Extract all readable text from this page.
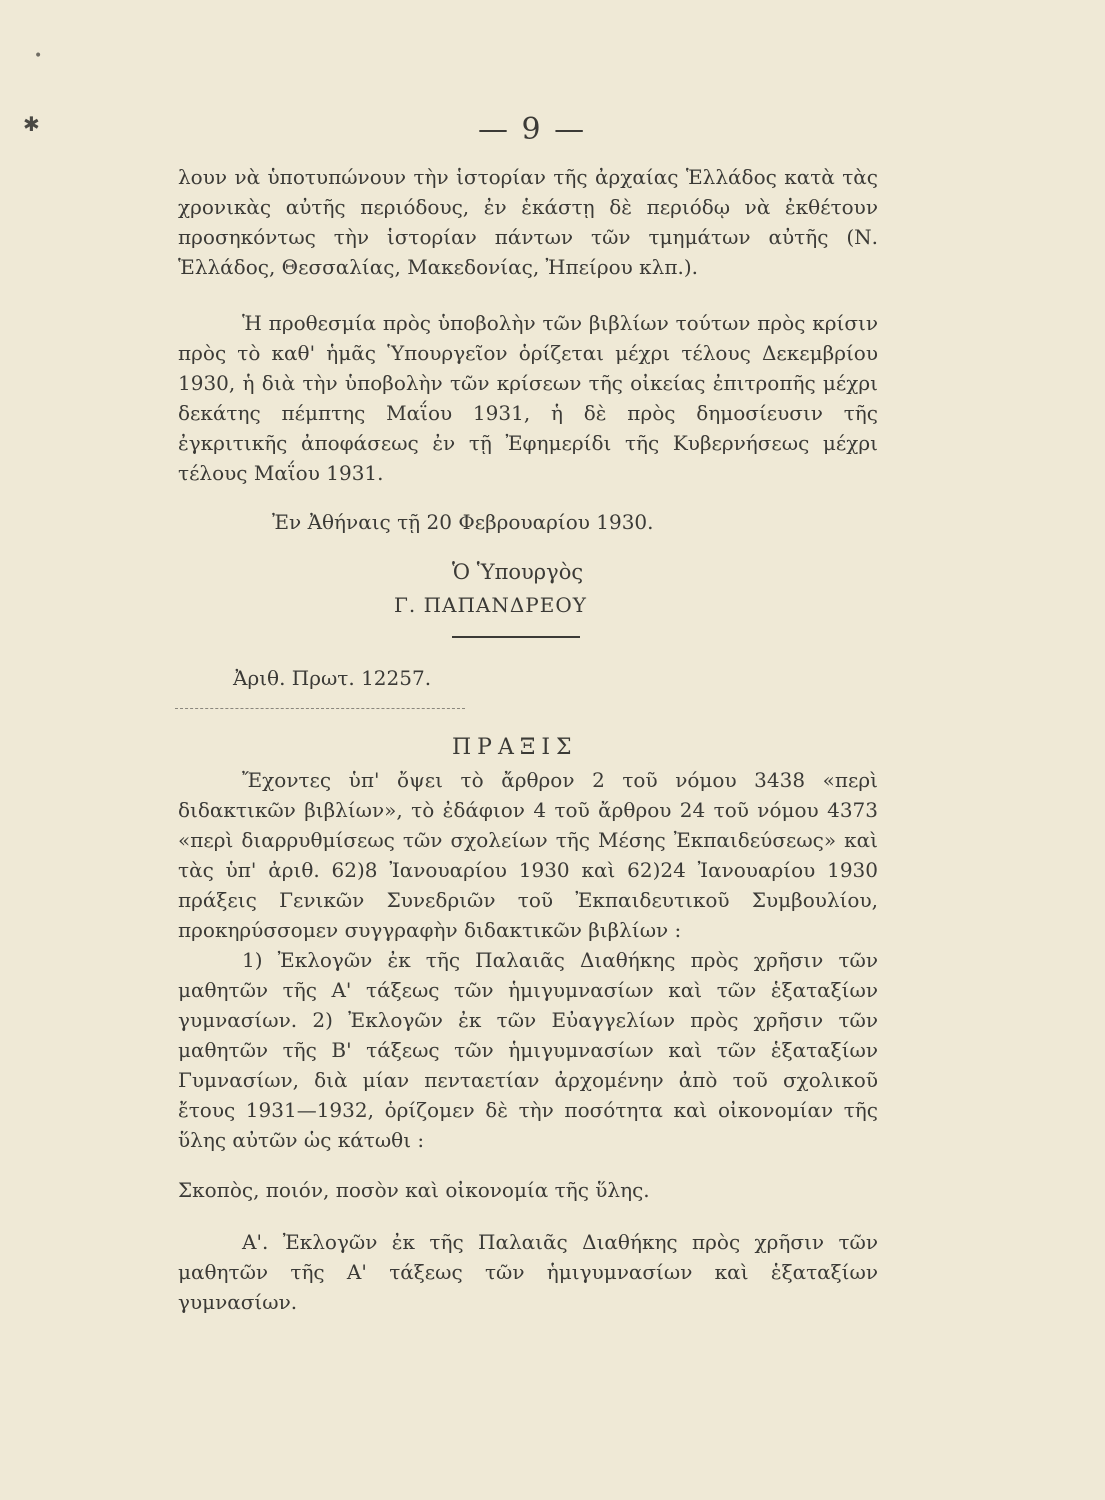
•
✱	— 9 —

λουν νὰ ὑποτυπώνουν τὴν ἱστορίαν τῆς ἀρχαίας Ἑλλάδος κατὰ τὰς χρονικὰς αὐτῆς περιόδους, ἐν ἑκάστῃ δὲ περιόδῳ νὰ ἐκθέτουν προσηκόντως τὴν ἱστορίαν πάντων τῶν τμημάτων αὐτῆς (Ν. Ἑλλάδος, Θεσσαλίας, Μακεδονίας, Ἠπείρου κλπ.).

Ἡ προθεσμία πρὸς ὑποβολὴν τῶν βιβλίων τούτων πρὸς κρίσιν πρὸς τὸ καθ' ἡμᾶς Ὑπουργεῖον ὁρίζεται μέχρι τέλους Δεκεμβρίου 1930, ἡ διὰ τὴν ὑποβολὴν τῶν κρίσεων τῆς οἰκείας ἐπιτροπῆς μέχρι δεκάτης πέμπτης Μαΐου 1931, ἡ δὲ πρὸς δημοσίευσιν τῆς ἐγκριτικῆς ἀποφάσεως ἐν τῇ Ἐφημερίδι τῆς Κυβερνήσεως μέχρι τέλους Μαΐου 1931.

Ἐν Ἀθήναις τῇ 20 Φεβρουαρίου 1930.
Ὁ Ὑπουργὸς
Γ. ΠΑΠΑΝΔΡΕΟΥ
Ἀριθ. Πρωτ. 12257.
ΠΡΑΞΙΣ

Ἔχοντες ὑπ' ὄψει τὸ ἄρθρον 2 τοῦ νόμου 3438 «περὶ διδακτικῶν βιβλίων», τὸ ἐδάφιον 4 τοῦ ἄρθρου 24 τοῦ νόμου 4373 «περὶ διαρρυθμίσεως τῶν σχολείων τῆς Μέσης Ἐκπαιδεύσεως» καὶ τὰς ὑπ' ἀριθ. 62)8 Ἰανουαρίου 1930 καὶ 62)24 Ἰανουαρίου 1930 πράξεις Γενικῶν Συνεδριῶν τοῦ Ἐκπαιδευτικοῦ Συμβουλίου, προκηρύσσομεν συγγραφὴν διδακτικῶν βιβλίων :

1) Ἐκλογῶν ἐκ τῆς Παλαιᾶς Διαθήκης πρὸς χρῆσιν τῶν μαθητῶν τῆς Α' τάξεως τῶν ἡμιγυμνασίων καὶ τῶν ἑξαταξίων γυμνασίων. 2) Ἐκλογῶν ἐκ τῶν Εὐαγγελίων πρὸς χρῆσιν τῶν μαθητῶν τῆς Β' τάξεως τῶν ἡμιγυμνασίων καὶ τῶν ἑξαταξίων Γυμνασίων, διὰ μίαν πενταετίαν ἀρχομένην ἀπὸ τοῦ σχολικοῦ ἔτους 1931—1932, ὁρίζομεν δὲ τὴν ποσότητα καὶ οἰκονομίαν τῆς ὕλης αὐτῶν ὡς κάτωθι :

Σκοπὸς, ποιόν, ποσὸν καὶ οἰκονομία τῆς ὕλης.

Α'. Ἐκλογῶν ἐκ τῆς Παλαιᾶς Διαθήκης πρὸς χρῆσιν τῶν μαθητῶν τῆς Α' τάξεως τῶν ἡμιγυμνασίων καὶ ἑξαταξίων γυμνασίων.
